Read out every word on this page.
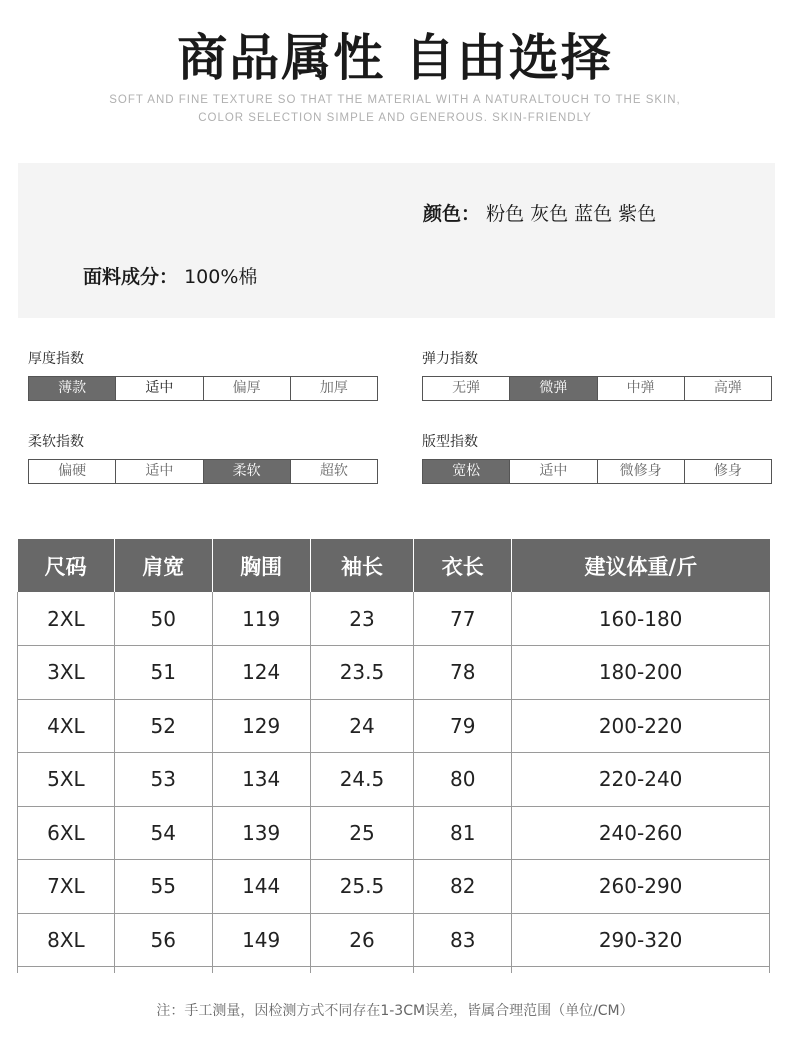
商品属性 自由选择
SOFT AND FINE TEXTURE SO THAT THE MATERIAL WITH A NATURALTOUCH TO THE SKIN,
COLOR SELECTION SIMPLE AND GENEROUS. SKIN-FRIENDLY
颜色： 粉色 灰色 蓝色 紫色
面料成分： 100%棉
厚度指数
薄款	适中	偏厚	加厚
弹力指数
无弹	微弹	中弹	高弹
柔软指数
偏硬	适中	柔软	超软
版型指数
宽松	适中	微修身	修身
尺码	肩宽	胸围	袖长	衣长	建议体重/斤
2XL	50	119	23	77	160-180
3XL	51	124	23.5	78	180-200
4XL	52	129	24	79	200-220
5XL	53	134	24.5	80	220-240
6XL	54	139	25	81	240-260
7XL	55	144	25.5	82	260-290
8XL	56	149	26	83	290-320

注：手工测量，因检测方式不同存在1-3CM误差，皆属合理范围（单位/CM）
